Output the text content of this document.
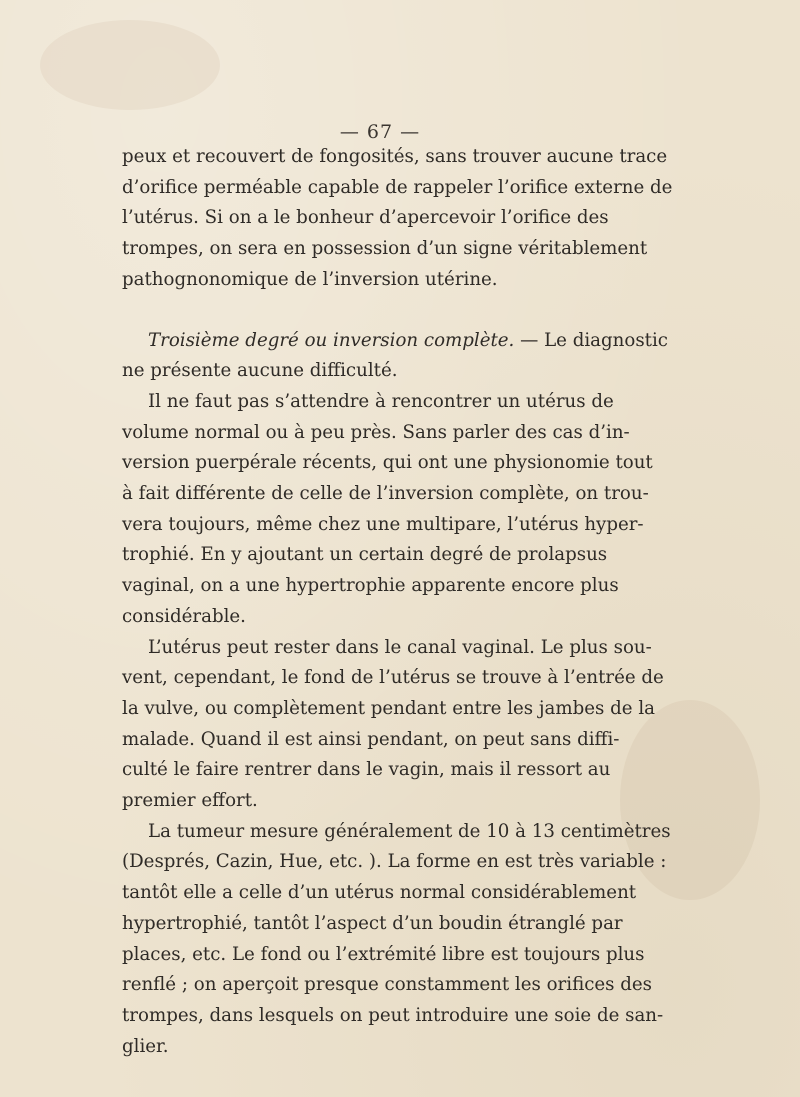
— 67 —
peux et recouvert de fongosités, sans trouver aucune trace
d’orifice perméable capable de rappeler l’orifice externe de
l’utérus. Si on a le bonheur d’apercevoir l’orifice des
trompes, on sera en possession d’un signe véritablement
pathognonomique de l’inversion utérine.
Troisième degré ou inversion complète. — Le diagnostic
ne présente aucune difficulté.
Il ne faut pas s’attendre à rencontrer un utérus de
volume normal ou à peu près. Sans parler des cas d’in-
version puerpérale récents, qui ont une physionomie tout
à fait différente de celle de l’inversion complète, on trou-
vera toujours, même chez une multipare, l’utérus hyper-
trophié. En y ajoutant un certain degré de prolapsus
vaginal, on a une hypertrophie apparente encore plus
considérable.
L’utérus peut rester dans le canal vaginal. Le plus sou-
vent, cependant, le fond de l’utérus se trouve à l’entrée de
la vulve, ou complètement pendant entre les jambes de la
malade. Quand il est ainsi pendant, on peut sans diffi-
culté le faire rentrer dans le vagin, mais il ressort au
premier effort.
La tumeur mesure généralement de 10 à 13 centimètres
(Després, Cazin, Hue, etc. ). La forme en est très variable :
tantôt elle a celle d’un utérus normal considérablement
hypertrophié, tantôt l’aspect d’un boudin étranglé par
places, etc. Le fond ou l’extrémité libre est toujours plus
renflé ; on aperçoit presque constamment les orifices des
trompes, dans lesquels on peut introduire une soie de san-
glier.
